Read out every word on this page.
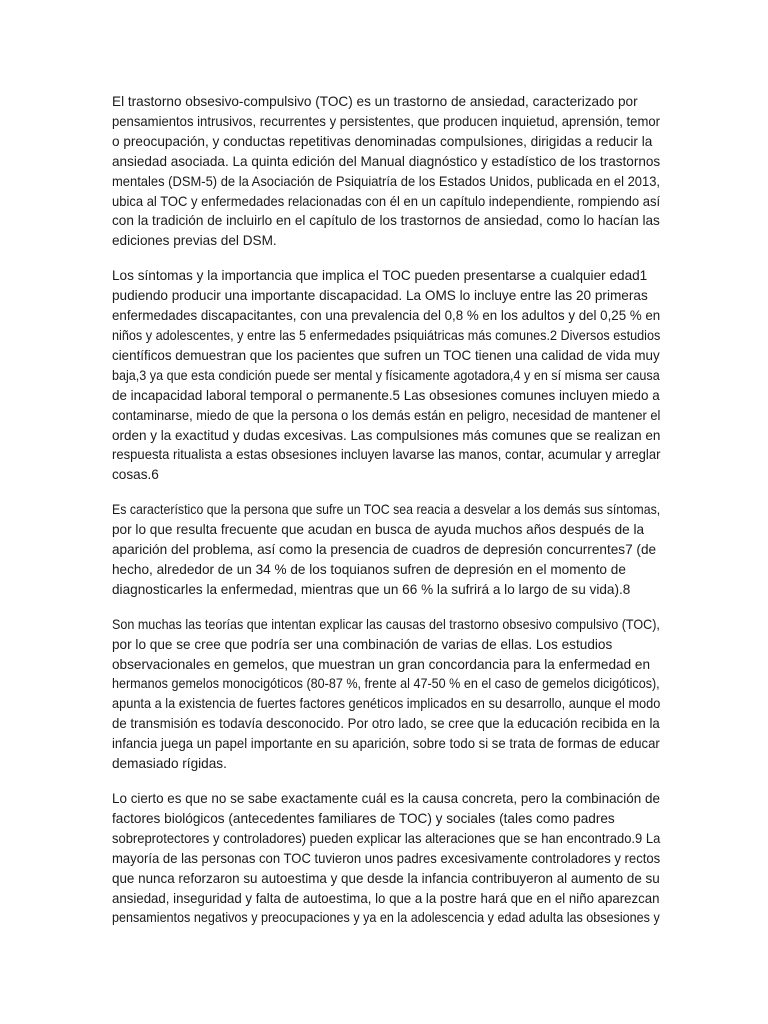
El trastorno obsesivo-compulsivo (TOC) es un trastorno de ansiedad, caracterizado por
pensamientos intrusivos, recurrentes y persistentes, que producen inquietud, aprensión, temor
o preocupación, y conductas repetitivas denominadas compulsiones, dirigidas a reducir la
ansiedad asociada. La quinta edición del Manual diagnóstico y estadístico de los trastornos
mentales (DSM-5) de la Asociación de Psiquiatría de los Estados Unidos, publicada en el 2013,
ubica al TOC y enfermedades relacionadas con él en un capítulo independiente, rompiendo así
con la tradición de incluirlo en el capítulo de los trastornos de ansiedad, como lo hacían las
ediciones previas del DSM.

Los síntomas y la importancia que implica el TOC pueden presentarse a cualquier edad1
pudiendo producir una importante discapacidad. La OMS lo incluye entre las 20 primeras
enfermedades discapacitantes, con una prevalencia del 0,8 % en los adultos y del 0,25 % en
niños y adolescentes, y entre las 5 enfermedades psiquiátricas más comunes.2 Diversos estudios
científicos demuestran que los pacientes que sufren un TOC tienen una calidad de vida muy
baja,3 ya que esta condición puede ser mental y físicamente agotadora,4 y en sí misma ser causa
de incapacidad laboral temporal o permanente.5 Las obsesiones comunes incluyen miedo a
contaminarse, miedo de que la persona o los demás están en peligro, necesidad de mantener el
orden y la exactitud y dudas excesivas. Las compulsiones más comunes que se realizan en
respuesta ritualista a estas obsesiones incluyen lavarse las manos, contar, acumular y arreglar
cosas.6

Es característico que la persona que sufre un TOC sea reacia a desvelar a los demás sus síntomas,
por lo que resulta frecuente que acudan en busca de ayuda muchos años después de la
aparición del problema, así como la presencia de cuadros de depresión concurrentes7 (de
hecho, alrededor de un 34 % de los toquianos sufren de depresión en el momento de
diagnosticarles la enfermedad, mientras que un 66 % la sufrirá a lo largo de su vida).8

Son muchas las teorías que intentan explicar las causas del trastorno obsesivo compulsivo (TOC),
por lo que se cree que podría ser una combinación de varias de ellas. Los estudios
observacionales en gemelos, que muestran un gran concordancia para la enfermedad en
hermanos gemelos monocigóticos (80-87 %, frente al 47-50 % en el caso de gemelos dicigóticos),
apunta a la existencia de fuertes factores genéticos implicados en su desarrollo, aunque el modo
de transmisión es todavía desconocido. Por otro lado, se cree que la educación recibida en la
infancia juega un papel importante en su aparición, sobre todo si se trata de formas de educar
demasiado rígidas.

Lo cierto es que no se sabe exactamente cuál es la causa concreta, pero la combinación de
factores biológicos (antecedentes familiares de TOC) y sociales (tales como padres
sobreprotectores y controladores) pueden explicar las alteraciones que se han encontrado.9 La
mayoría de las personas con TOC tuvieron unos padres excesivamente controladores y rectos
que nunca reforzaron su autoestima y que desde la infancia contribuyeron al aumento de su
ansiedad, inseguridad y falta de autoestima, lo que a la postre hará que en el niño aparezcan
pensamientos negativos y preocupaciones y ya en la adolescencia y edad adulta las obsesiones y
